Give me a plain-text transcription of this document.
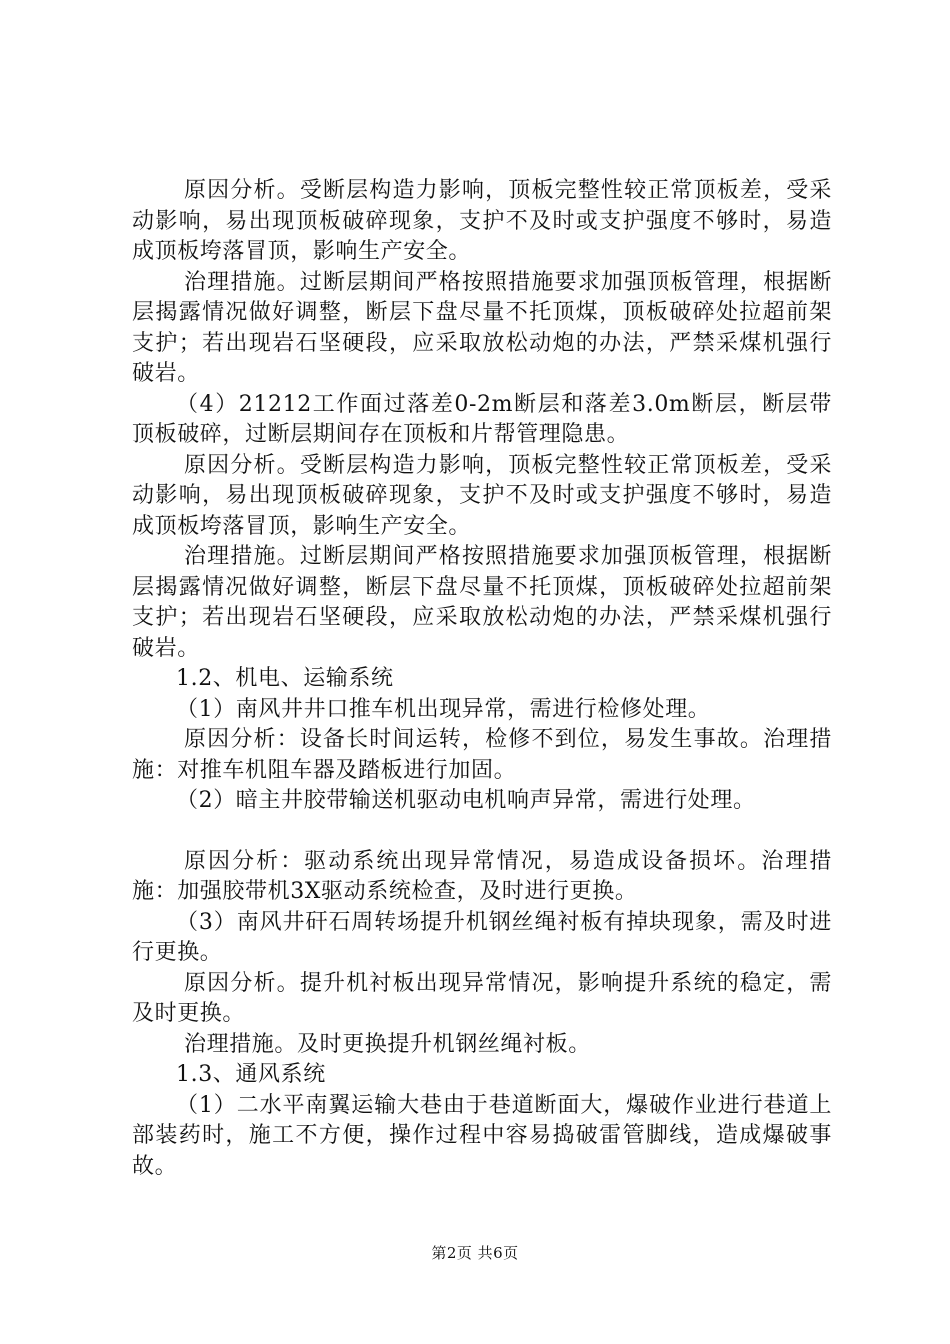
原因分析。受断层构造力影响，顶板完整性较正常顶板差，受采动影响，易出现顶板破碎现象，支护不及时或支护强度不够时，易造成顶板垮落冒顶，影响生产安全。

治理措施。过断层期间严格按照措施要求加强顶板管理，根据断层揭露情况做好调整，断层下盘尽量不托顶煤，顶板破碎处拉超前架支护；若出现岩石坚硬段，应采取放松动炮的办法，严禁采煤机强行破岩。

（4）21212工作面过落差0-2m断层和落差3.0m断层，断层带顶板破碎，过断层期间存在顶板和片帮管理隐患。

原因分析。受断层构造力影响，顶板完整性较正常顶板差，受采动影响，易出现顶板破碎现象，支护不及时或支护强度不够时，易造成顶板垮落冒顶，影响生产安全。

治理措施。过断层期间严格按照措施要求加强顶板管理，根据断层揭露情况做好调整，断层下盘尽量不托顶煤，顶板破碎处拉超前架支护；若出现岩石坚硬段，应采取放松动炮的办法，严禁采煤机强行破岩。

1.2、机电、运输系统

（1）南风井井口推车机出现异常，需进行检修处理。

原因分析：设备长时间运转，检修不到位，易发生事故。治理措施：对推车机阻车器及踏板进行加固。

（2）暗主井胶带输送机驱动电机响声异常，需进行处理。

原因分析：驱动系统出现异常情况，易造成设备损坏。治理措施：加强胶带机3X驱动系统检查，及时进行更换。

（3）南风井矸石周转场提升机钢丝绳衬板有掉块现象，需及时进行更换。

原因分析。提升机衬板出现异常情况，影响提升系统的稳定，需及时更换。

治理措施。及时更换提升机钢丝绳衬板。

1.3、通风系统

（1）二水平南翼运输大巷由于巷道断面大，爆破作业进行巷道上部装药时，施工不方便，操作过程中容易捣破雷管脚线，造成爆破事故。

第2页 共6页
